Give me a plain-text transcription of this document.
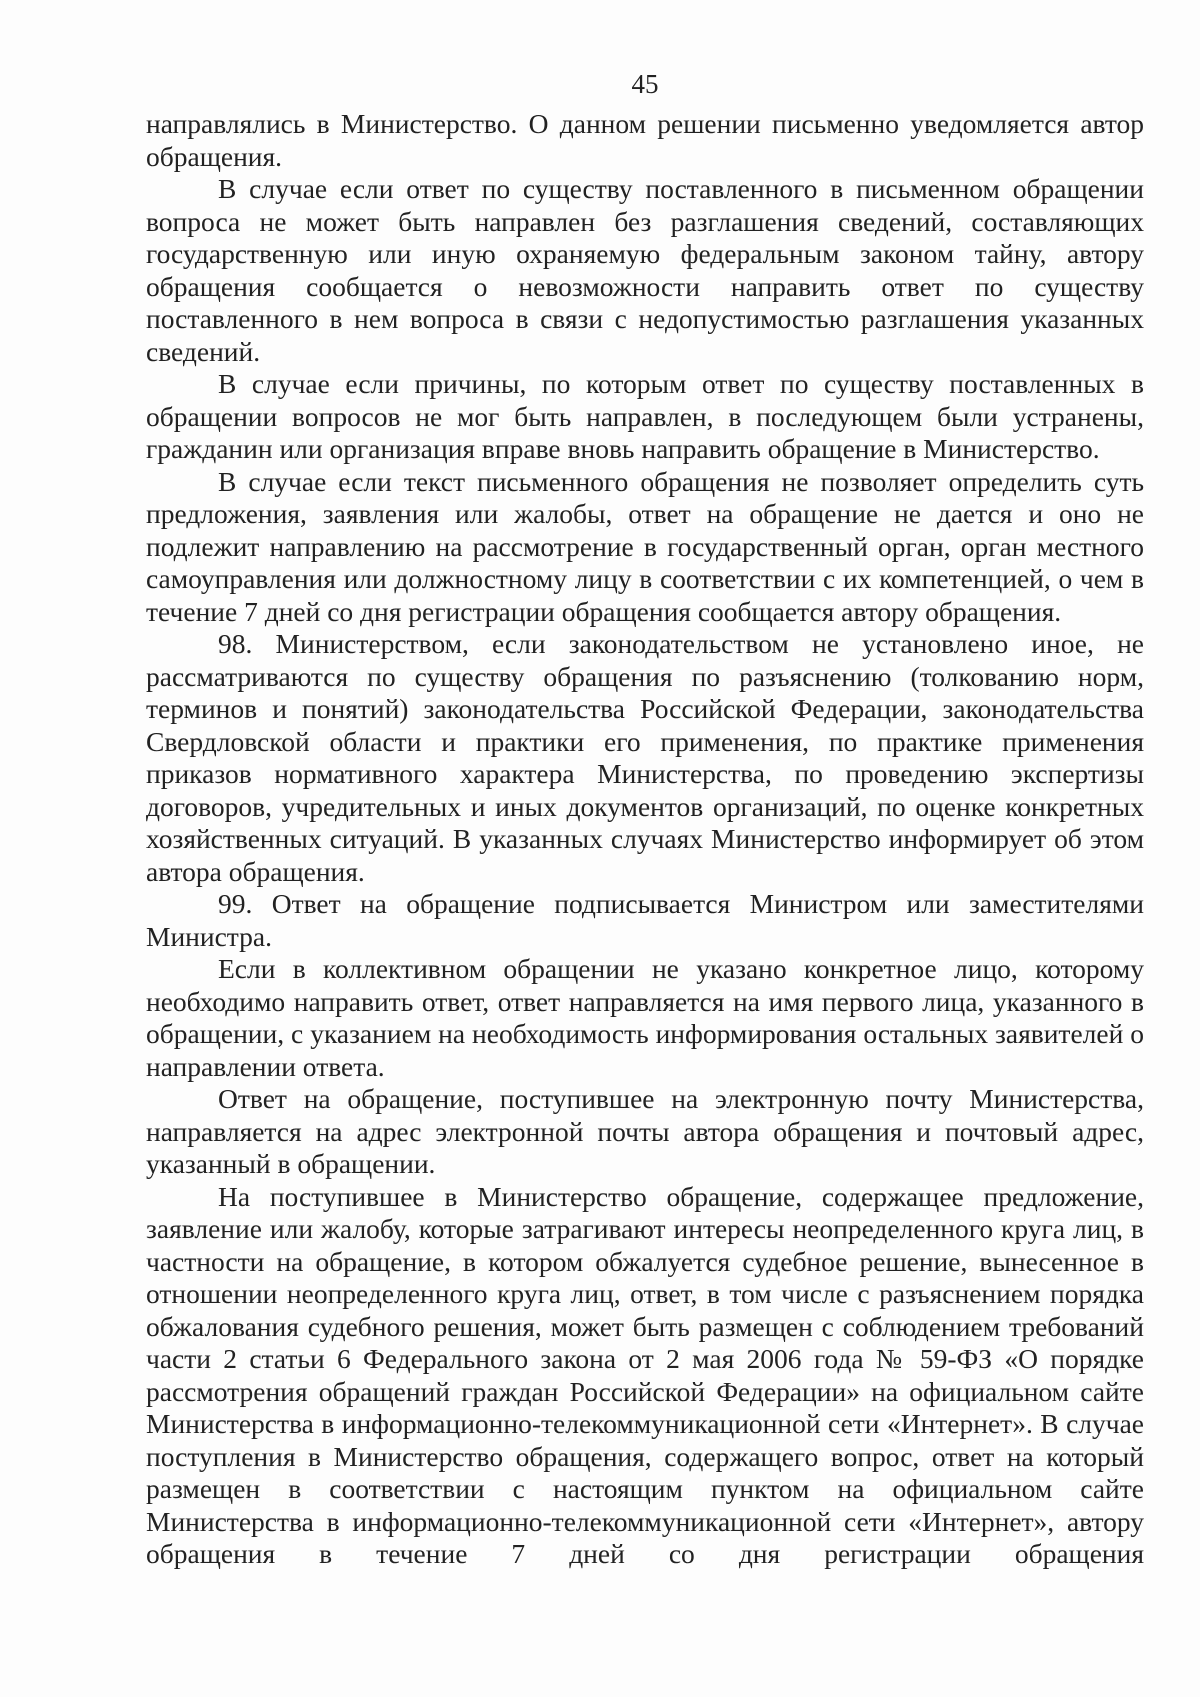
45

направлялись в Министерство. О данном решении письменно уведомляется автор обращения.

В случае если ответ по существу поставленного в письменном обращении вопроса не может быть направлен без разглашения сведений, составляющих государственную или иную охраняемую федеральным законом тайну, автору обращения сообщается о невозможности направить ответ по существу поставленного в нем вопроса в связи с недопустимостью разглашения указанных сведений.

В случае если причины, по которым ответ по существу поставленных в обращении вопросов не мог быть направлен, в последующем были устранены, гражданин или организация вправе вновь направить обращение в Министерство.

В случае если текст письменного обращения не позволяет определить суть предложения, заявления или жалобы, ответ на обращение не дается и оно не подлежит направлению на рассмотрение в государственный орган, орган местного самоуправления или должностному лицу в соответствии с их компетенцией, о чем в течение 7 дней со дня регистрации обращения сообщается автору обращения.

98. Министерством, если законодательством не установлено иное, не рассматриваются по существу обращения по разъяснению (толкованию норм, терминов и понятий) законодательства Российской Федерации, законодательства Свердловской области и практики его применения, по практике применения приказов нормативного характера Министерства, по проведению экспертизы договоров, учредительных и иных документов организаций, по оценке конкретных хозяйственных ситуаций. В указанных случаях Министерство информирует об этом автора обращения.

99. Ответ на обращение подписывается Министром или заместителями Министра.

Если в коллективном обращении не указано конкретное лицо, которому необходимо направить ответ, ответ направляется на имя первого лица, указанного в обращении, с указанием на необходимость информирования остальных заявителей о направлении ответа.

Ответ на обращение, поступившее на электронную почту Министерства, направляется на адрес электронной почты автора обращения и почтовый адрес, указанный в обращении.

На поступившее в Министерство обращение, содержащее предложение, заявление или жалобу, которые затрагивают интересы неопределенного круга лиц, в частности на обращение, в котором обжалуется судебное решение, вынесенное в отношении неопределенного круга лиц, ответ, в том числе с разъяснением порядка обжалования судебного решения, может быть размещен с соблюдением требований части 2 статьи 6 Федерального закона от 2 мая 2006 года № 59-ФЗ «О порядке рассмотрения обращений граждан Российской Федерации» на официальном сайте Министерства в информационно-телекоммуникационной сети «Интернет». В случае поступления в Министерство обращения, содержащего вопрос, ответ на который размещен в соответствии с настоящим пунктом на официальном сайте Министерства в информационно-телекоммуникационной сети «Интернет», автору обращения в течение 7 дней со дня регистрации обращения
